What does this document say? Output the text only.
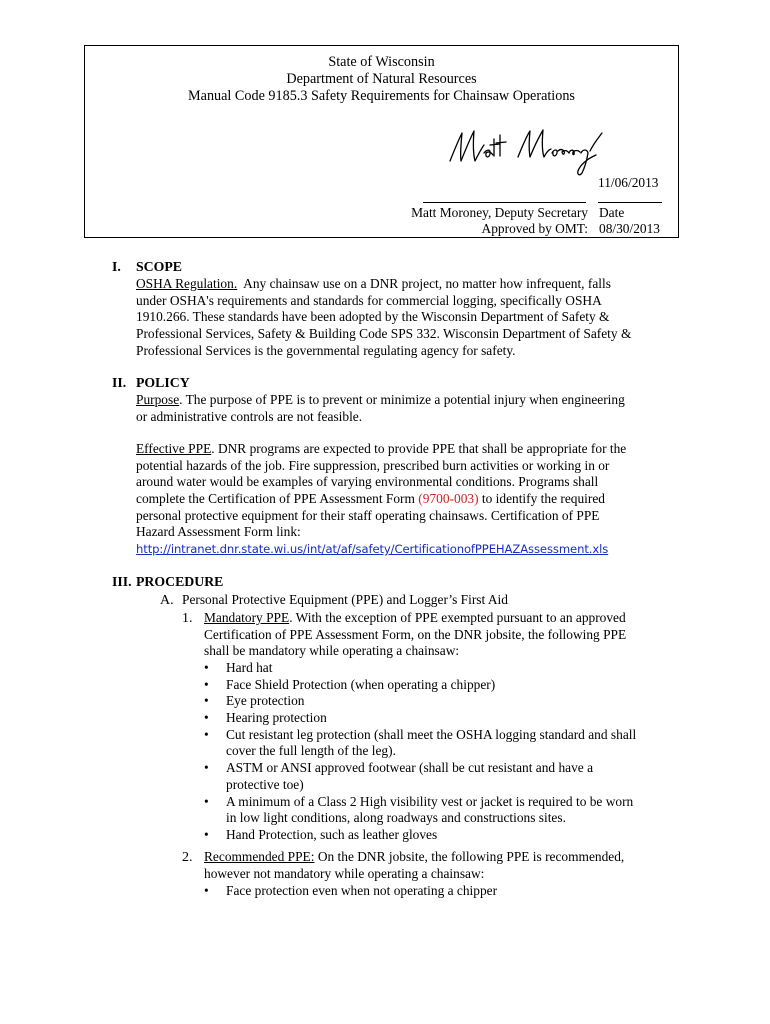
State of Wisconsin
Department of Natural Resources
Manual Code 9185.3 Safety Requirements for Chainsaw Operations
11/06/2013
Matt Moroney, Deputy Secretary Date
Approved by OMT: 08/30/2013
I. SCOPE
OSHA Regulation. Any chainsaw use on a DNR project, no matter how infrequent, falls
under OSHA's requirements and standards for commercial logging, specifically OSHA
1910.266. These standards have been adopted by the Wisconsin Department of Safety &
Professional Services, Safety & Building Code SPS 332. Wisconsin Department of Safety &
Professional Services is the governmental regulating agency for safety.
II. POLICY
Purpose. The purpose of PPE is to prevent or minimize a potential injury when engineering
or administrative controls are not feasible.
Effective PPE. DNR programs are expected to provide PPE that shall be appropriate for the
potential hazards of the job. Fire suppression, prescribed burn activities or working in or
around water would be examples of varying environmental conditions. Programs shall
complete the Certification of PPE Assessment Form (9700-003) to identify the required
personal protective equipment for their staff operating chainsaws. Certification of PPE
Hazard Assessment Form link:
http://intranet.dnr.state.wi.us/int/at/af/safety/CertificationofPPEHAZAssessment.xls
III. PROCEDURE
A. Personal Protective Equipment (PPE) and Logger’s First Aid
1. Mandatory PPE. With the exception of PPE exempted pursuant to an approved
Certification of PPE Assessment Form, on the DNR jobsite, the following PPE
shall be mandatory while operating a chainsaw:
•	Hard hat
•	Face Shield Protection (when operating a chipper)
•	Eye protection
•	Hearing protection
•	Cut resistant leg protection (shall meet the OSHA logging standard and shall
cover the full length of the leg).
•	ASTM or ANSI approved footwear (shall be cut resistant and have a
protective toe)
•	A minimum of a Class 2 High visibility vest or jacket is required to be worn
in low light conditions, along roadways and constructions sites.
•	Hand Protection, such as leather gloves
2. Recommended PPE: On the DNR jobsite, the following PPE is recommended,
however not mandatory while operating a chainsaw:
•	Face protection even when not operating a chipper
